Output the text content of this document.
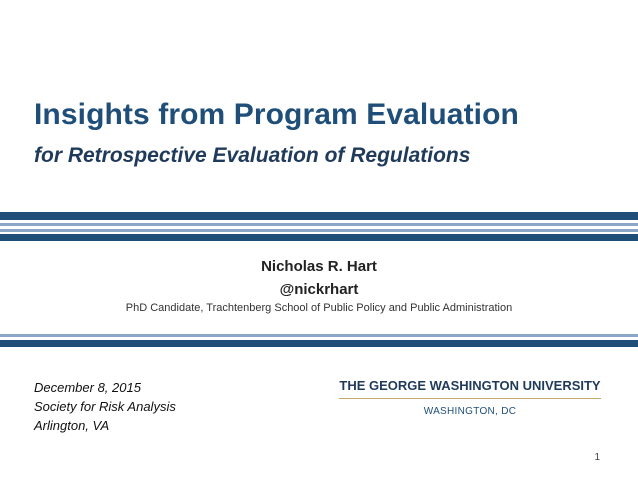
Insights from Program Evaluation
for Retrospective Evaluation of Regulations
Nicholas R. Hart
@nickrhart
PhD Candidate, Trachtenberg School of Public Policy and Public Administration
December 8, 2015
Society for Risk Analysis
Arlington, VA
THE GEORGE WASHINGTON UNIVERSITY
WASHINGTON, DC
1
